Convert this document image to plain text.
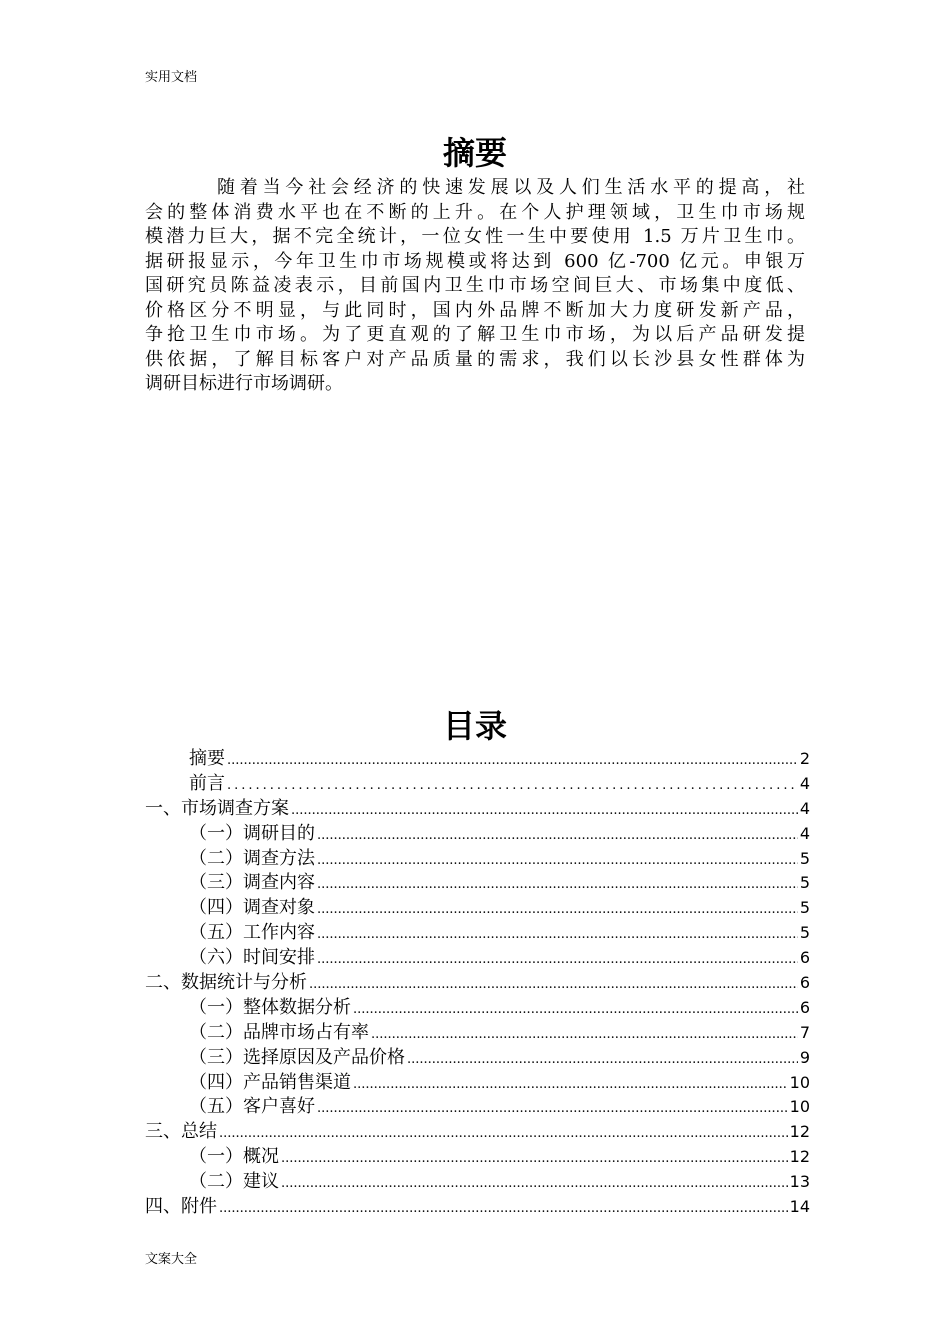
实用文档
摘要
随着当今社会经济的快速发展以及人们生活水平的提高，社
会的整体消费水平也在不断的上升。在个人护理领域，卫生巾市场规
模潜力巨大，据不完全统计，一位女性一生中要使用 1.5 万片卫生巾。
据研报显示，今年卫生巾市场规模或将达到 600 亿-700 亿元。申银万
国研究员陈益凌表示，目前国内卫生巾市场空间巨大、市场集中度低、
价格区分不明显，与此同时，国内外品牌不断加大力度研发新产品，
争抢卫生巾市场。为了更直观的了解卫生巾市场，为以后产品研发提
供依据，了解目标客户对产品质量的需求，我们以长沙县女性群体为
调研目标进行市场调研。
目录
摘要 .....	2
前言 .....	4
一、市场调查方案 .....	4
（一）调研目的 .....	4
（二）调查方法 .....	5
（三）调查内容 .....	5
（四）调查对象 .....	5
（五）工作内容 .....	5
（六）时间安排 .....	6
二、数据统计与分析 .....	6
（一）整体数据分析 .....	6
（二）品牌市场占有率 .....	7
（三）选择原因及产品价格 .....	9
（四）产品销售渠道 .....	10
（五）客户喜好 .....	10
三、总结 .....	12
（一）概况 .....	12
（二）建议 .....	13
四、附件 .....	14
文案大全
